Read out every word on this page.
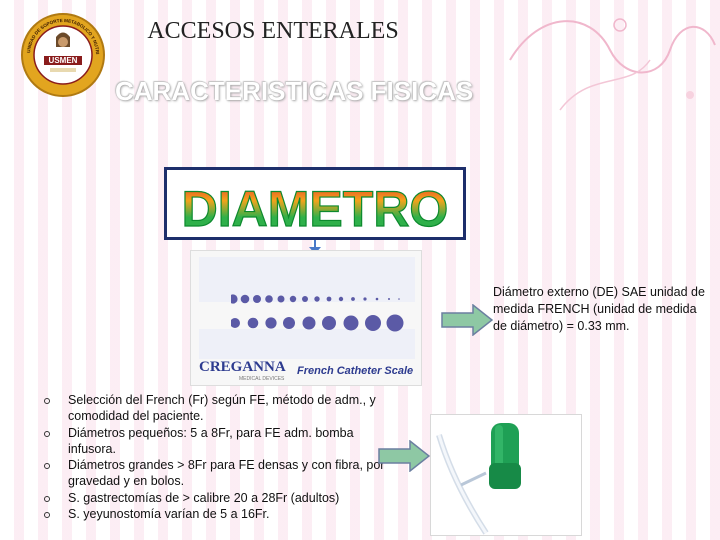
USMEN
UNIDAD DE SOPORTE METABOLICO Y NUTRI
ACCESOS ENTERALES
CARACTERISTICAS FISICAS
DIAMETRO
CREGANNA
MEDICAL DEVICES
French Catheter Scale
Diámetro externo (DE) SAE unidad de medida FRENCH (unidad de medida de diámetro) = 0.33 mm.
Selección del French (Fr) según FE, método de adm., y comodidad del paciente.
Diámetros pequeños: 5 a 8Fr, para FE adm. bomba infusora.
Diámetros grandes > 8Fr para FE densas y con fibra, por gravedad y en bolos.
S. gastrectomías de > calibre 20 a 28Fr (adultos)
S. yeyunostomía varían de 5 a 16Fr.
